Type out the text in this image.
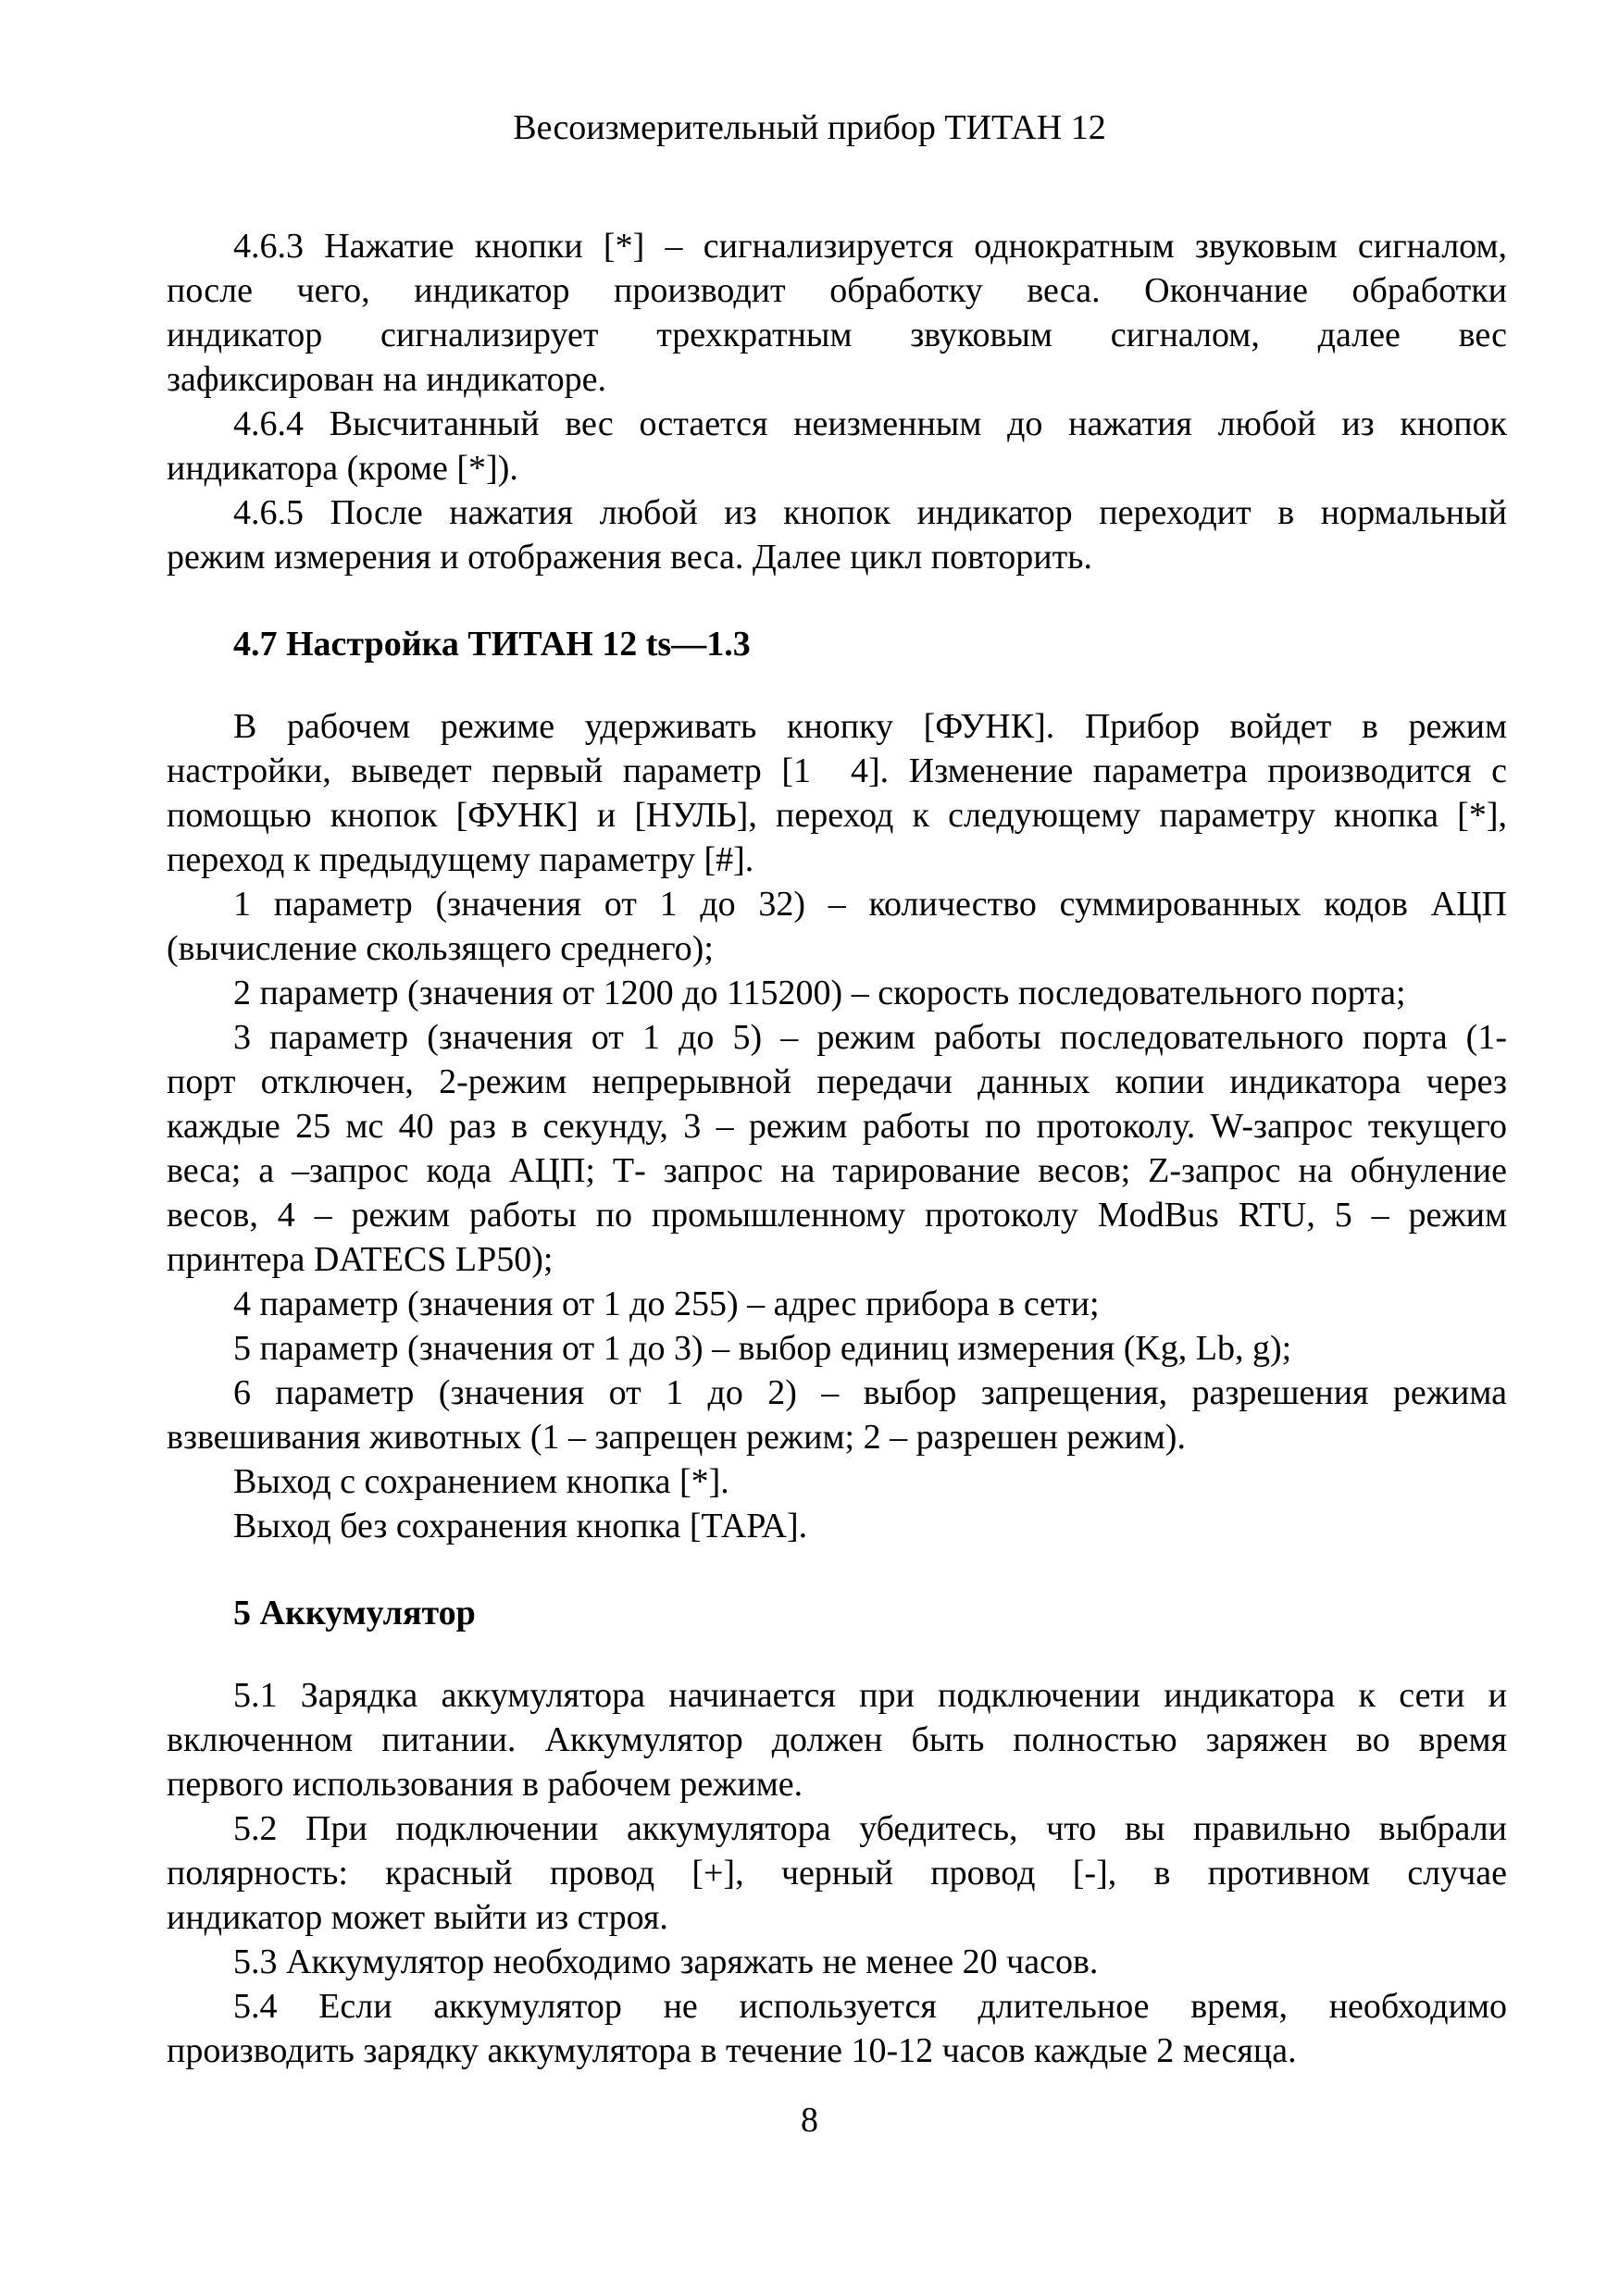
Весоизмерительный прибор ТИТАН 12
4.6.3 Нажатие кнопки [*] – сигнализируется однократным звуковым сигналом,
после чего, индикатор производит обработку веса. Окончание обработки
индикатор сигнализирует трехкратным звуковым сигналом, далее вес
зафиксирован на индикаторе.
4.6.4 Высчитанный вес остается неизменным до нажатия любой из кнопок
индикатора (кроме [*]).
4.6.5 После нажатия любой из кнопок индикатор переходит в нормальный
режим измерения и отображения веса. Далее цикл повторить.
4.7 Настройка ТИТАН 12 ts—1.3
В рабочем режиме удерживать кнопку [ФУНК]. Прибор войдет в режим
настройки, выведет первый параметр [1  4]. Изменение параметра производится с
помощью кнопок [ФУНК] и [НУЛЬ], переход к следующему параметру кнопка [*],
переход к предыдущему параметру [#].
1 параметр (значения от 1 до 32) – количество суммированных кодов АЦП
(вычисление скользящего среднего);
2 параметр (значения от 1200 до 115200) – скорость последовательного порта;
3 параметр (значения от 1 до 5) – режим работы последовательного порта (1-
порт отключен, 2-режим непрерывной передачи данных копии индикатора через
каждые 25 мс 40 раз в секунду, 3 – режим работы по протоколу. W-запрос текущего
веса; а –запрос кода АЦП; Т- запрос на тарирование весов; Z-запрос на обнуление
весов, 4 – режим работы по промышленному протоколу ModBus RTU, 5 – режим
принтера DATECS LP50);
4 параметр (значения от 1 до 255) – адрес прибора в сети;
5 параметр (значения от 1 до 3) – выбор единиц измерения (Kg, Lb, g);
6 параметр (значения от 1 до 2) – выбор запрещения, разрешения режима
взвешивания животных (1 – запрещен режим; 2 – разрешен режим).
Выход с сохранением кнопка [*].
Выход без сохранения кнопка [ТАРА].
5 Аккумулятор
5.1 Зарядка аккумулятора начинается при подключении индикатора к сети и
включенном питании. Аккумулятор должен быть полностью заряжен во время
первого использования в рабочем режиме.
5.2 При подключении аккумулятора убедитесь, что вы правильно выбрали
полярность: красный провод [+], черный провод [-], в противном случае
индикатор может выйти из строя.
5.3 Аккумулятор необходимо заряжать не менее 20 часов.
5.4 Если аккумулятор не используется длительное время, необходимо
производить зарядку аккумулятора в течение 10-12 часов каждые 2 месяца.
8
